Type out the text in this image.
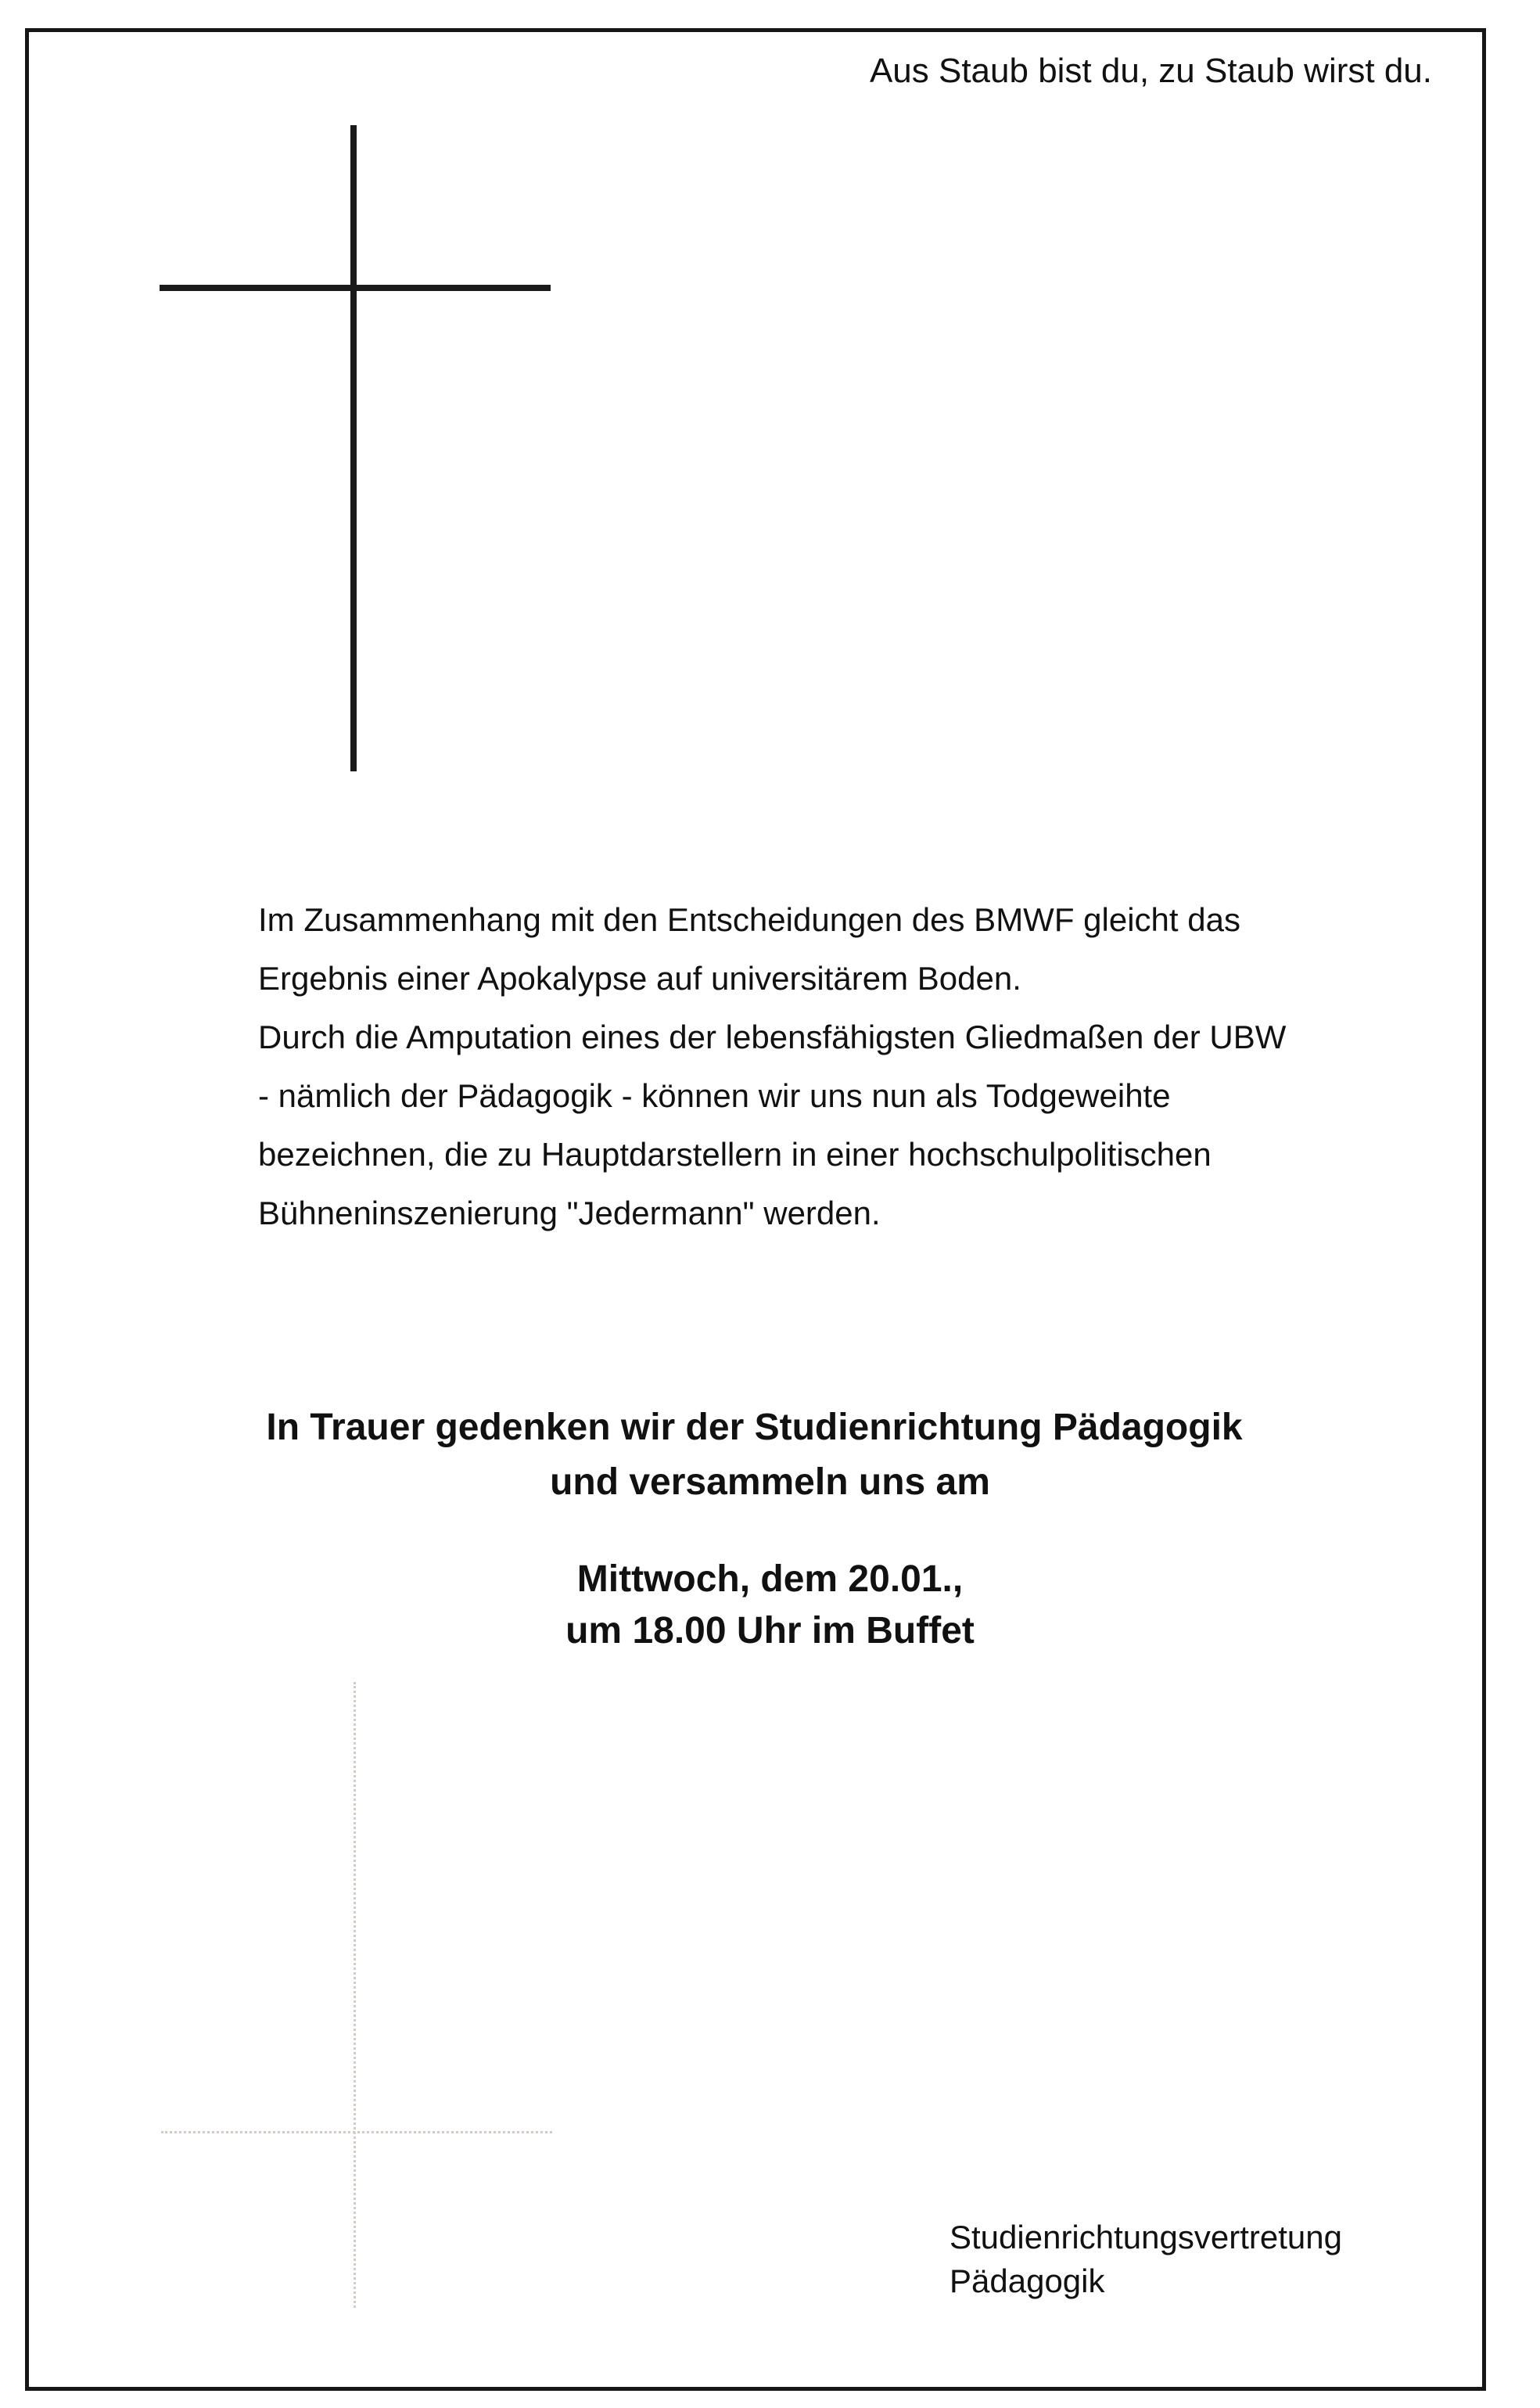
Aus Staub bist du, zu Staub wirst du.

Im Zusammenhang mit den Entscheidungen des BMWF gleicht das

Ergebnis einer Apokalypse auf universitärem Boden.

Durch die Amputation eines der lebensfähigsten Gliedmaßen der UBW

- nämlich der Pädagogik - können wir uns nun als Todgeweihte

bezeichnen, die zu Hauptdarstellern in einer hochschulpolitischen

Bühneninszenierung "Jedermann" werden.

In Trauer gedenken wir der Studienrichtung Pädagogik
und versammeln uns am
Mittwoch, dem 20.01.,
um 18.00 Uhr im Buffet
Studienrichtungsvertretung
Pädagogik
